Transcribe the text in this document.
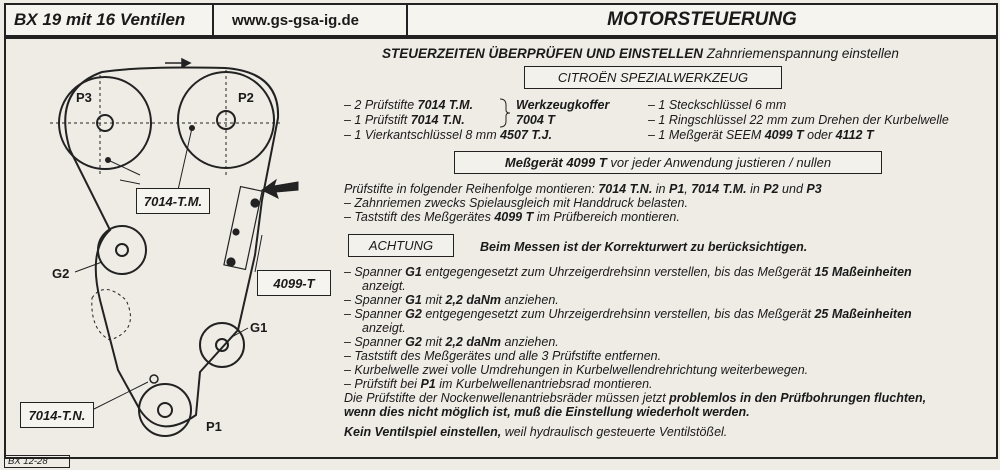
BX 19 mit 16 Ventilen	www.gs-gsa-ig.de	MOTORSTEUERUNG
P3	P2
G2
G1
P1
7014-T.M.
4099-T
7014-T.N.
STEUERZEITEN ÜBERPRÜFEN UND EINSTELLEN Zahnriemenspannung einstellen
CITROËN SPEZIALWERKZEUG
– 2 Prüfstifte 7014 T.M.
– 1 Prüfstift 7014 T.N.
– 1 Vierkantschlüssel 8 mm 4507 T.J.
Werkzeugkoffer
7004 T
– 1 Steckschlüssel 6 mm
– 1 Ringschlüssel 22 mm zum Drehen der Kurbelwelle
– 1 Meßgerät SEEM 4099 T oder 4112 T
Meßgerät 4099 T vor jeder Anwendung justieren / nullen
Prüfstifte in folgender Reihenfolge montieren: 7014 T.N. in P1, 7014 T.M. in P2 und P3
– Zahnriemen zwecks Spielausgleich mit Handdruck belasten.
– Taststift des Meßgerätes 4099 T im Prüfbereich montieren.
ACHTUNG	Beim Messen ist der Korrekturwert zu berücksichtigen.
– Spanner G1 entgegengesetzt zum Uhrzeigerdrehsinn verstellen, bis das Meßgerät 15 Maßeinheiten
anzeigt.
– Spanner G1 mit 2,2 daNm anziehen.
– Spanner G2 entgegengesetzt zum Uhrzeigerdrehsinn verstellen, bis das Meßgerät 25 Maßeinheiten
anzeigt.
– Spanner G2 mit 2,2 daNm anziehen.
– Taststift des Meßgerätes und alle 3 Prüfstifte entfernen.
– Kurbelwelle zwei volle Umdrehungen in Kurbelwellendrehrichtung weiterbewegen.
– Prüfstift bei P1 im Kurbelwellenantriebsrad montieren.
Die Prüfstifte der Nockenwellenantriebsräder müssen jetzt problemlos in den Prüfbohrungen fluchten,
wenn dies nicht möglich ist, muß die Einstellung wiederholt werden.
Kein Ventilspiel einstellen, weil hydraulisch gesteuerte Ventilstößel.
BX 12-28
